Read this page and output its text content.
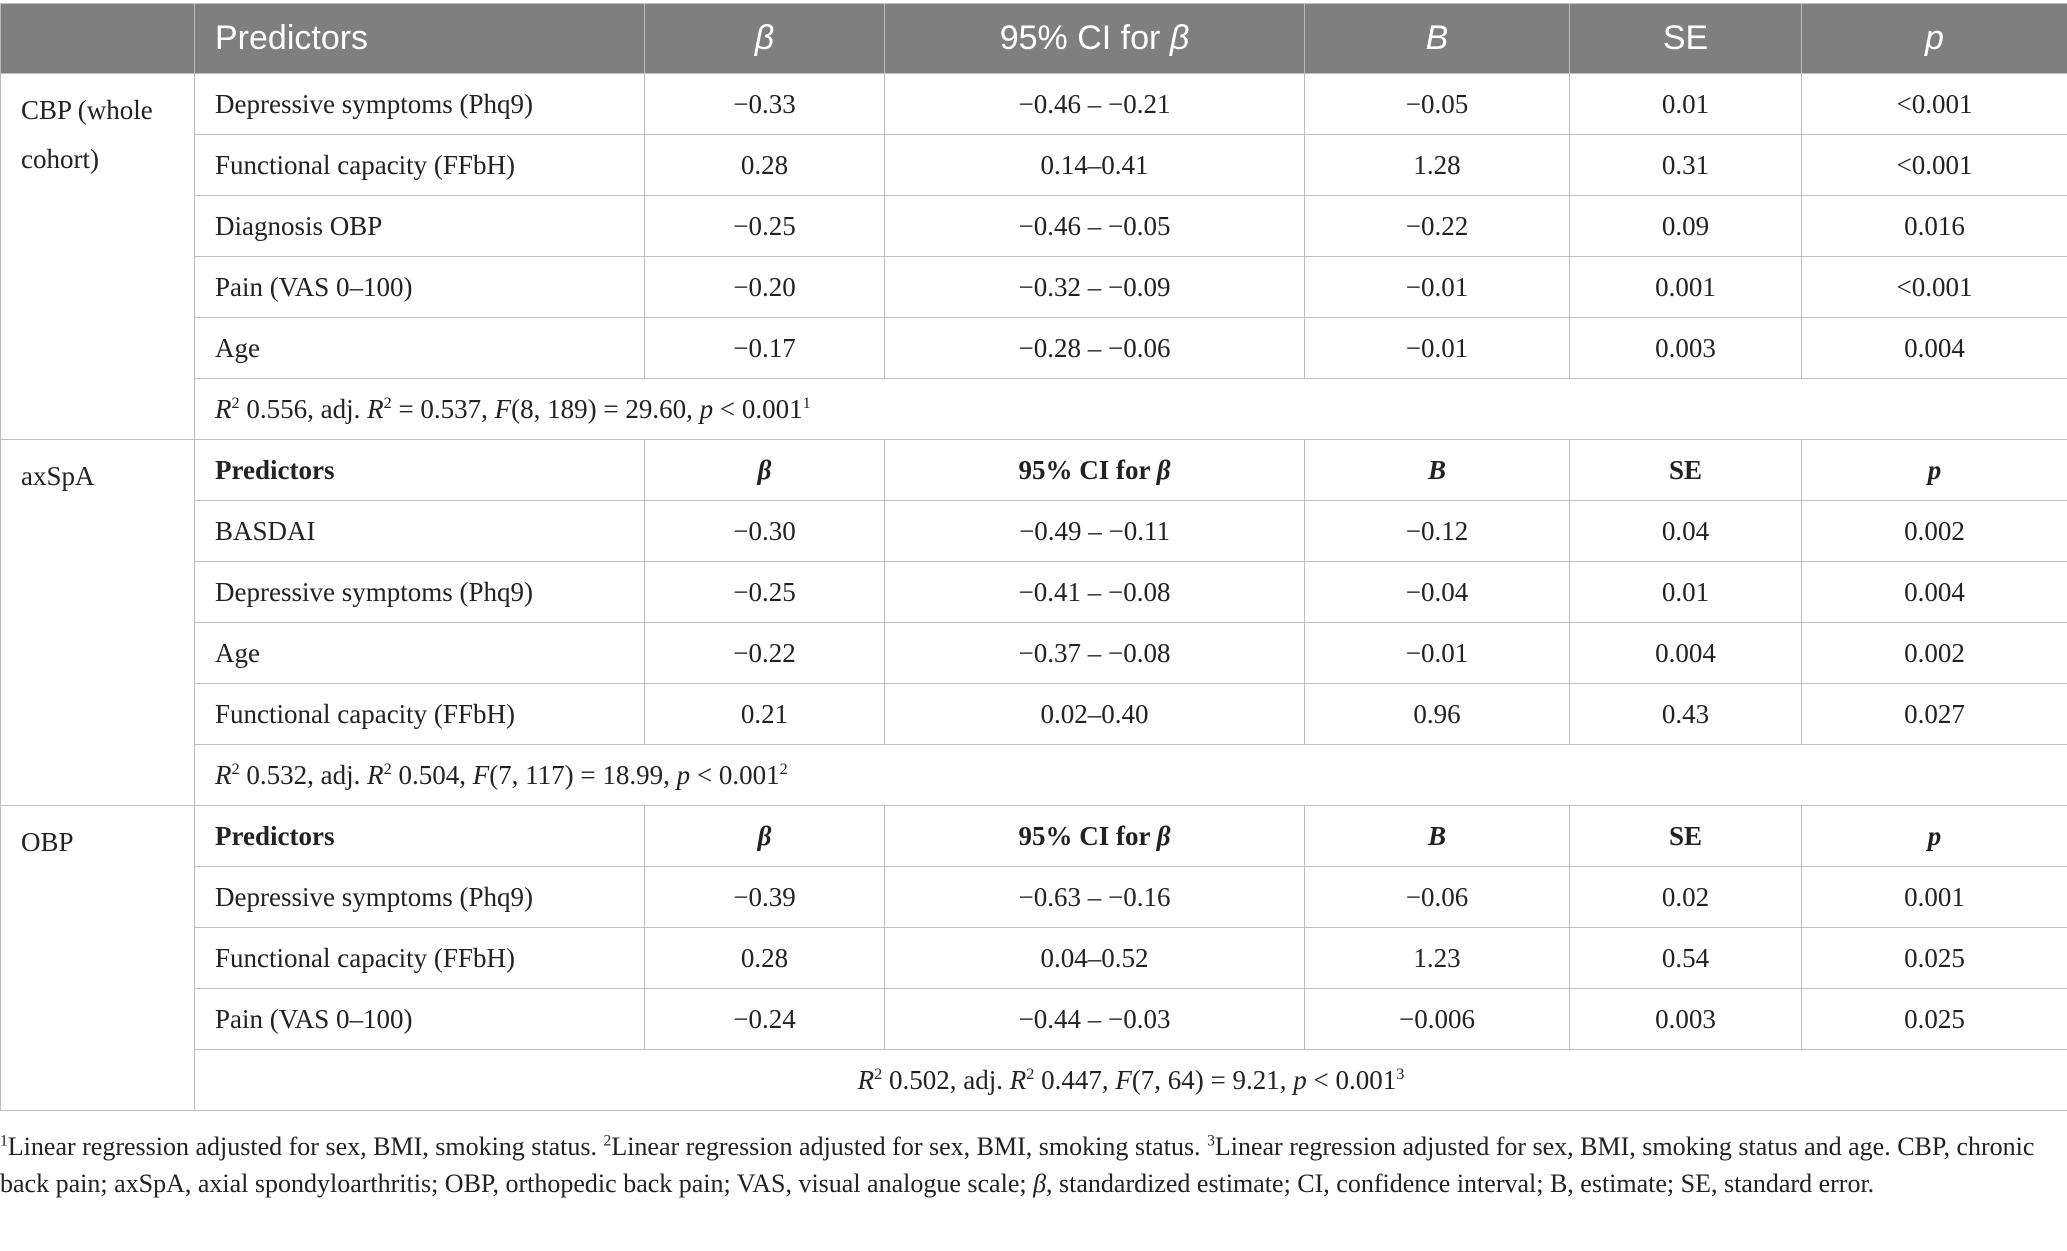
	Predictors	β	95% CI for β	B	SE	p
CBP (whole cohort)	Depressive symptoms (Phq9)	−0.33	−0.46 – −0.21	−0.05	0.01	<0.001
	Functional capacity (FFbH)	0.28	0.14–0.41	1.28	0.31	<0.001
	Diagnosis OBP	−0.25	−0.46 – −0.05	−0.22	0.09	0.016
	Pain (VAS 0–100)	−0.20	−0.32 – −0.09	−0.01	0.001	<0.001
	Age	−0.17	−0.28 – −0.06	−0.01	0.003	0.004
	$R^2$ 0.556, adj. $R^2 = 0.537$, F(8, 189) = 29.60, $p < 0.001^1$
axSpA	Predictors	β	95% CI for β	B	SE	p
	BASDAI	−0.30	−0.49 – −0.11	−0.12	0.04	0.002
	Depressive symptoms (Phq9)	−0.25	−0.41 – −0.08	−0.04	0.01	0.004
	Age	−0.22	−0.37 – −0.08	−0.01	0.004	0.002
	Functional capacity (FFbH)	0.21	0.02–0.40	0.96	0.43	0.027
	$R^2$ 0.532, adj. $R^2$ 0.504, F(7, 117) = 18.99, $p < 0.001^2$
OBP	Predictors	β	95% CI for β	B	SE	p
	Depressive symptoms (Phq9)	−0.39	−0.63 – −0.16	−0.06	0.02	0.001
	Functional capacity (FFbH)	0.28	0.04–0.52	1.23	0.54	0.025
	Pain (VAS 0–100)	−0.24	−0.44 – −0.03	−0.006	0.003	0.025
	$R^2$ 0.502, adj. $R^2$ 0.447, F(7, 64) = 9.21, $p < 0.001^3$
$^1$Linear regression adjusted for sex, BMI, smoking status. $^2$Linear regression adjusted for sex, BMI, smoking status. $^3$Linear regression adjusted for sex, BMI, smoking status and age. CBP, chronic back pain; axSpA, axial spondyloarthritis; OBP, orthopedic back pain; VAS, visual analogue scale; β, standardized estimate; CI, confidence interval; B, estimate; SE, standard error.
